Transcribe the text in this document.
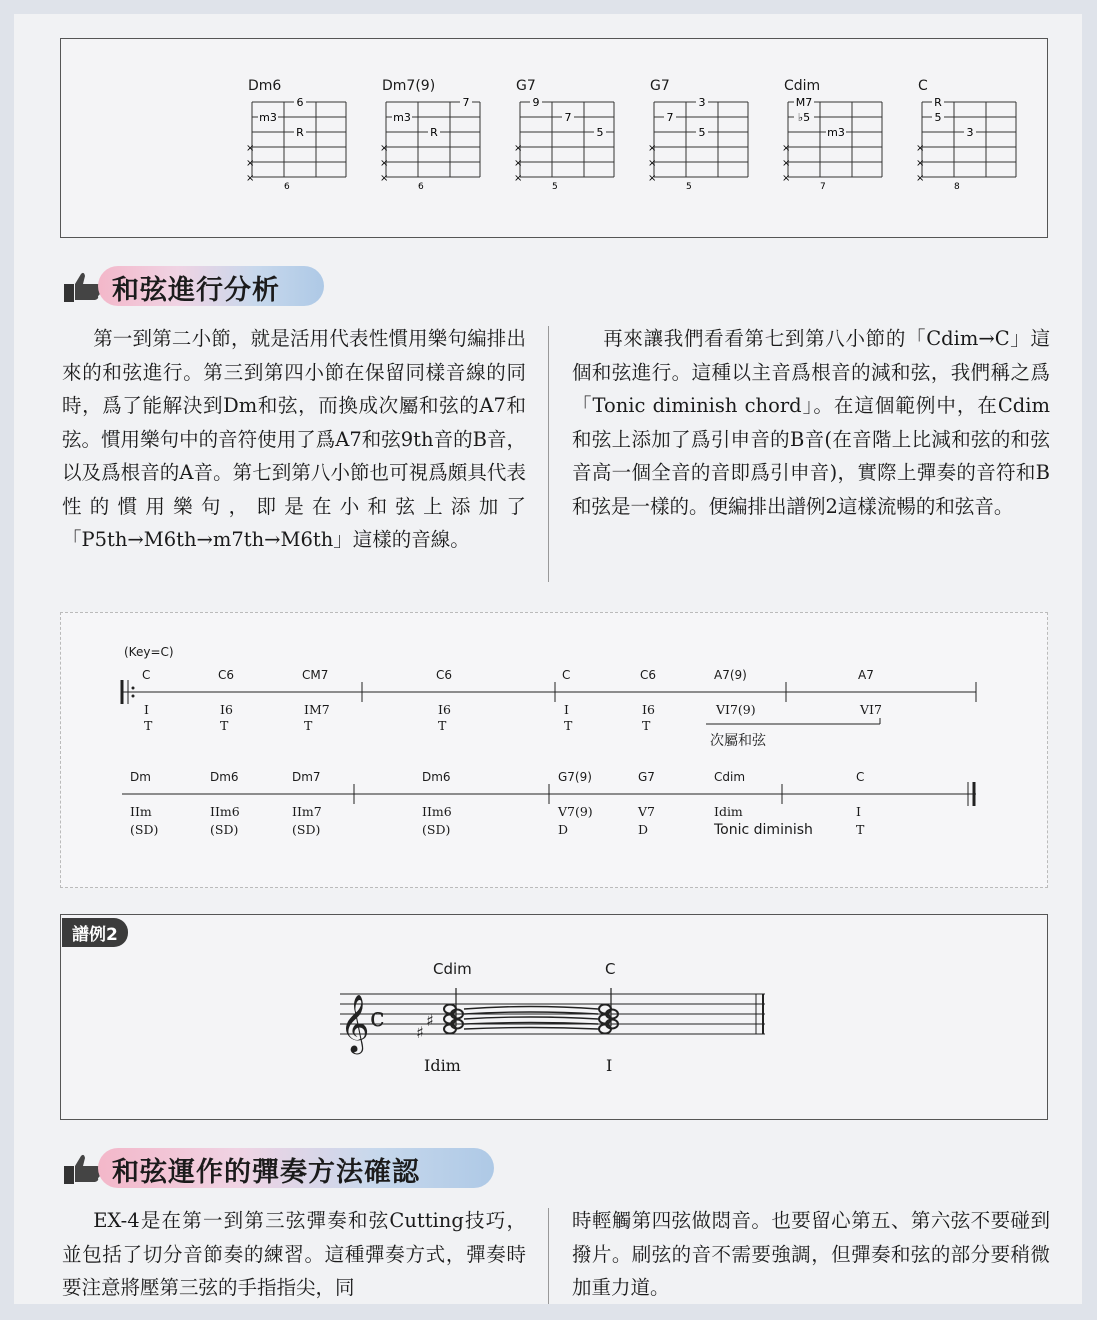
Dm6
×
×
×
6
m3
R
6
Dm7(9)
×
×
×
7
m3
R
6
G7
×
×
×
9
7
5
5
G7
×
×
×
3
7
5
5
Cdim
×
×
×
M7
♭5
m3
7
C
×
×
×
R
5
3
8
和弦進行分析

第一到第二小節，就是活用代表性慣用樂句編排出來的和弦進行。第三到第四小節在保留同樣音線的同時，爲了能解決到Dm和弦，而換成次屬和弦的A7和弦。慣用樂句中的音符使用了爲A7和弦9th音的B音，以及爲根音的A音。第七到第八小節也可視爲頗具代表性的慣用樂句，即是在小和弦上添加了「P5th→M6th→m7th→M6th」這樣的音線。

再來讓我們看看第七到第八小節的「Cdim→C」這個和弦進行。這種以主音爲根音的減和弦，我們稱之爲「Tonic diminish chord」。在這個範例中，在Cdim和弦上添加了爲引申音的B音(在音階上比減和弦的和弦音高一個全音的音即爲引申音)，實際上彈奏的音符和B和弦是一樣的。便編排出譜例2這樣流暢的和弦音。

(Key=C)
C	C6	CM7	C6	C	C6	A7(9)	A7
I	I6	IM7	I6	I	I6	VI7(9)	VI7
T	T	T	T	T	T
Dm	Dm6	Dm7	Dm6	G7(9)	G7	Cdim	C
IIm	IIm6	IIm7	IIm6	V7(9)	V7	Idim	I
(SD)	(SD)	(SD)	(SD)	D	D	Tonic diminish	T
次屬和弦
譜例2
Cdim	C
𝄞 c ♯
♯
Idim	I
和弦運作的彈奏方法確認

EX-4是在第一到第三弦彈奏和弦Cutting技巧，並包括了切分音節奏的練習。這種彈奏方式，彈奏時要注意將壓第三弦的手指指尖，同

時輕觸第四弦做悶音。也要留心第五、第六弦不要碰到撥片。刷弦的音不需要強調，但彈奏和弦的部分要稍微加重力道。
